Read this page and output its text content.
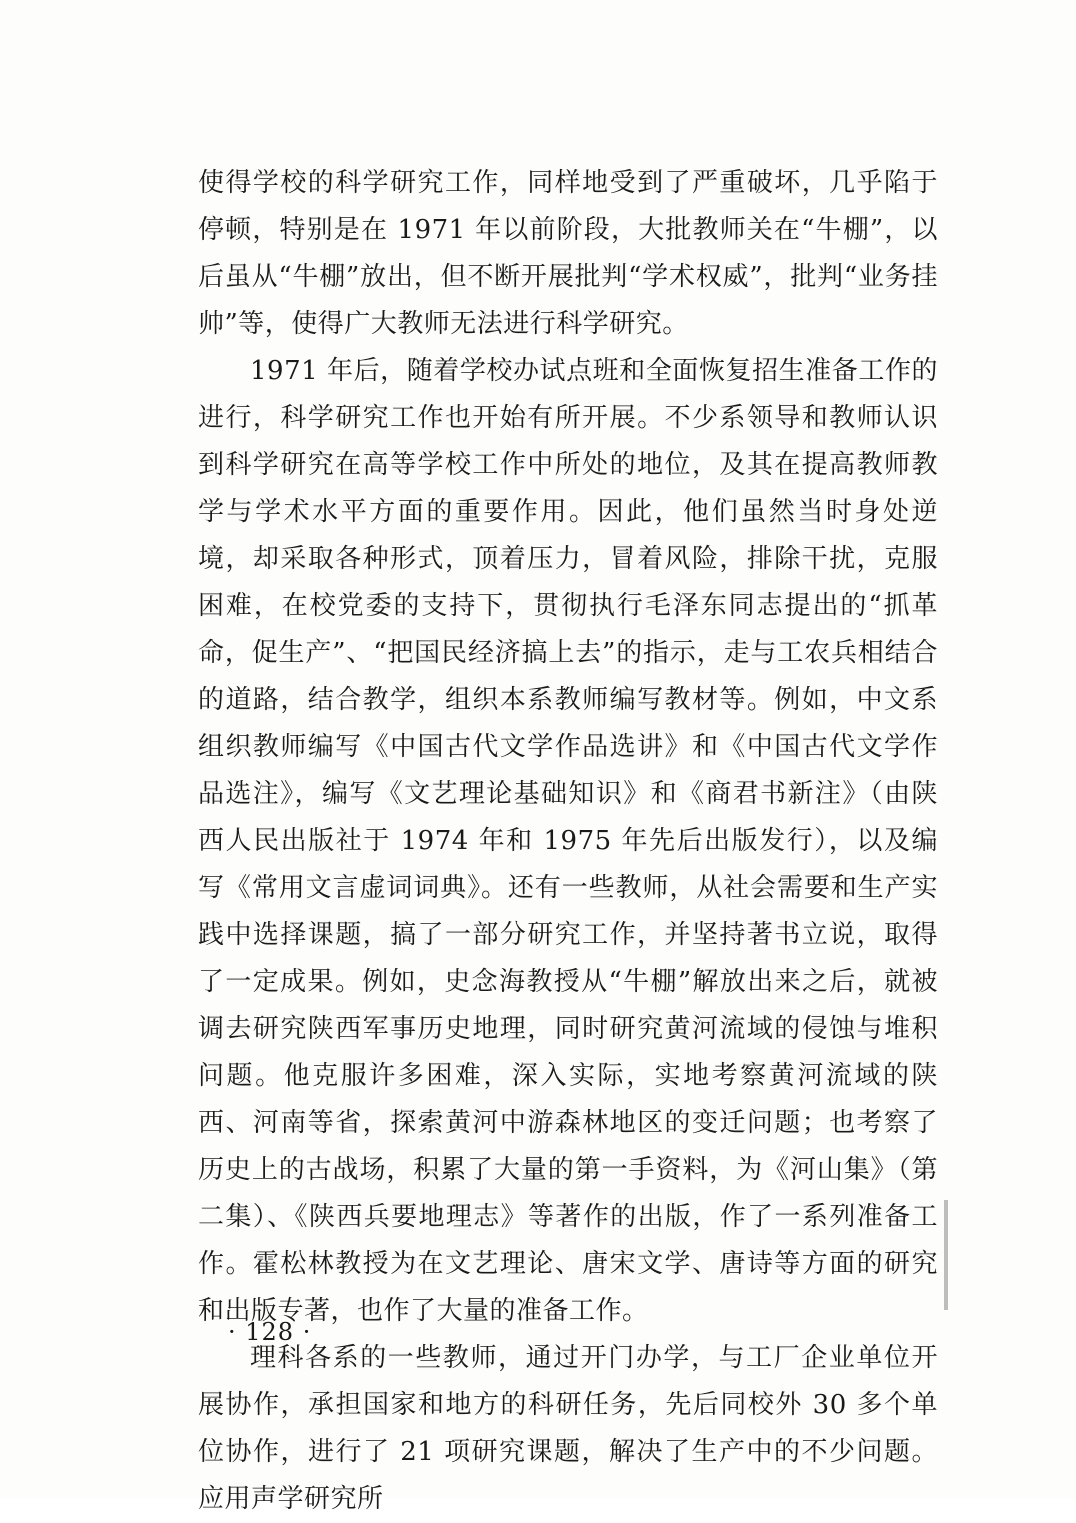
使得学校的科学研究工作，同样地受到了严重破坏，几乎陷于停顿，特别是在 1971 年以前阶段，大批教师关在“牛棚”，以后虽从“牛棚”放出，但不断开展批判“学术权威”，批判“业务挂帅”等，使得广大教师无法进行科学研究。

1971 年后，随着学校办试点班和全面恢复招生准备工作的进行，科学研究工作也开始有所开展。不少系领导和教师认识到科学研究在高等学校工作中所处的地位，及其在提高教师教学与学术水平方面的重要作用。因此，他们虽然当时身处逆境，却采取各种形式，顶着压力，冒着风险，排除干扰，克服困难，在校党委的支持下，贯彻执行毛泽东同志提出的“抓革命，促生产”、“把国民经济搞上去”的指示，走与工农兵相结合的道路，结合教学，组织本系教师编写教材等。例如，中文系组织教师编写《中国古代文学作品选讲》和《中国古代文学作品选注》，编写《文艺理论基础知识》和《商君书新注》（由陕西人民出版社于 1974 年和 1975 年先后出版发行），以及编写《常用文言虚词词典》。还有一些教师，从社会需要和生产实践中选择课题，搞了一部分研究工作，并坚持著书立说，取得了一定成果。例如，史念海教授从“牛棚”解放出来之后，就被调去研究陕西军事历史地理，同时研究黄河流域的侵蚀与堆积问题。他克服许多困难，深入实际，实地考察黄河流域的陕西、河南等省，探索黄河中游森林地区的变迁问题；也考察了历史上的古战场，积累了大量的第一手资料，为《河山集》（第二集）、《陕西兵要地理志》等著作的出版，作了一系列准备工作。霍松林教授为在文艺理论、唐宋文学、唐诗等方面的研究和出版专著，也作了大量的准备工作。

理科各系的一些教师，通过开门办学，与工厂企业单位开展协作，承担国家和地方的科研任务，先后同校外 30 多个单位协作，进行了 21 项研究课题，解决了生产中的不少问题。应用声学研究所

· 128 ·
